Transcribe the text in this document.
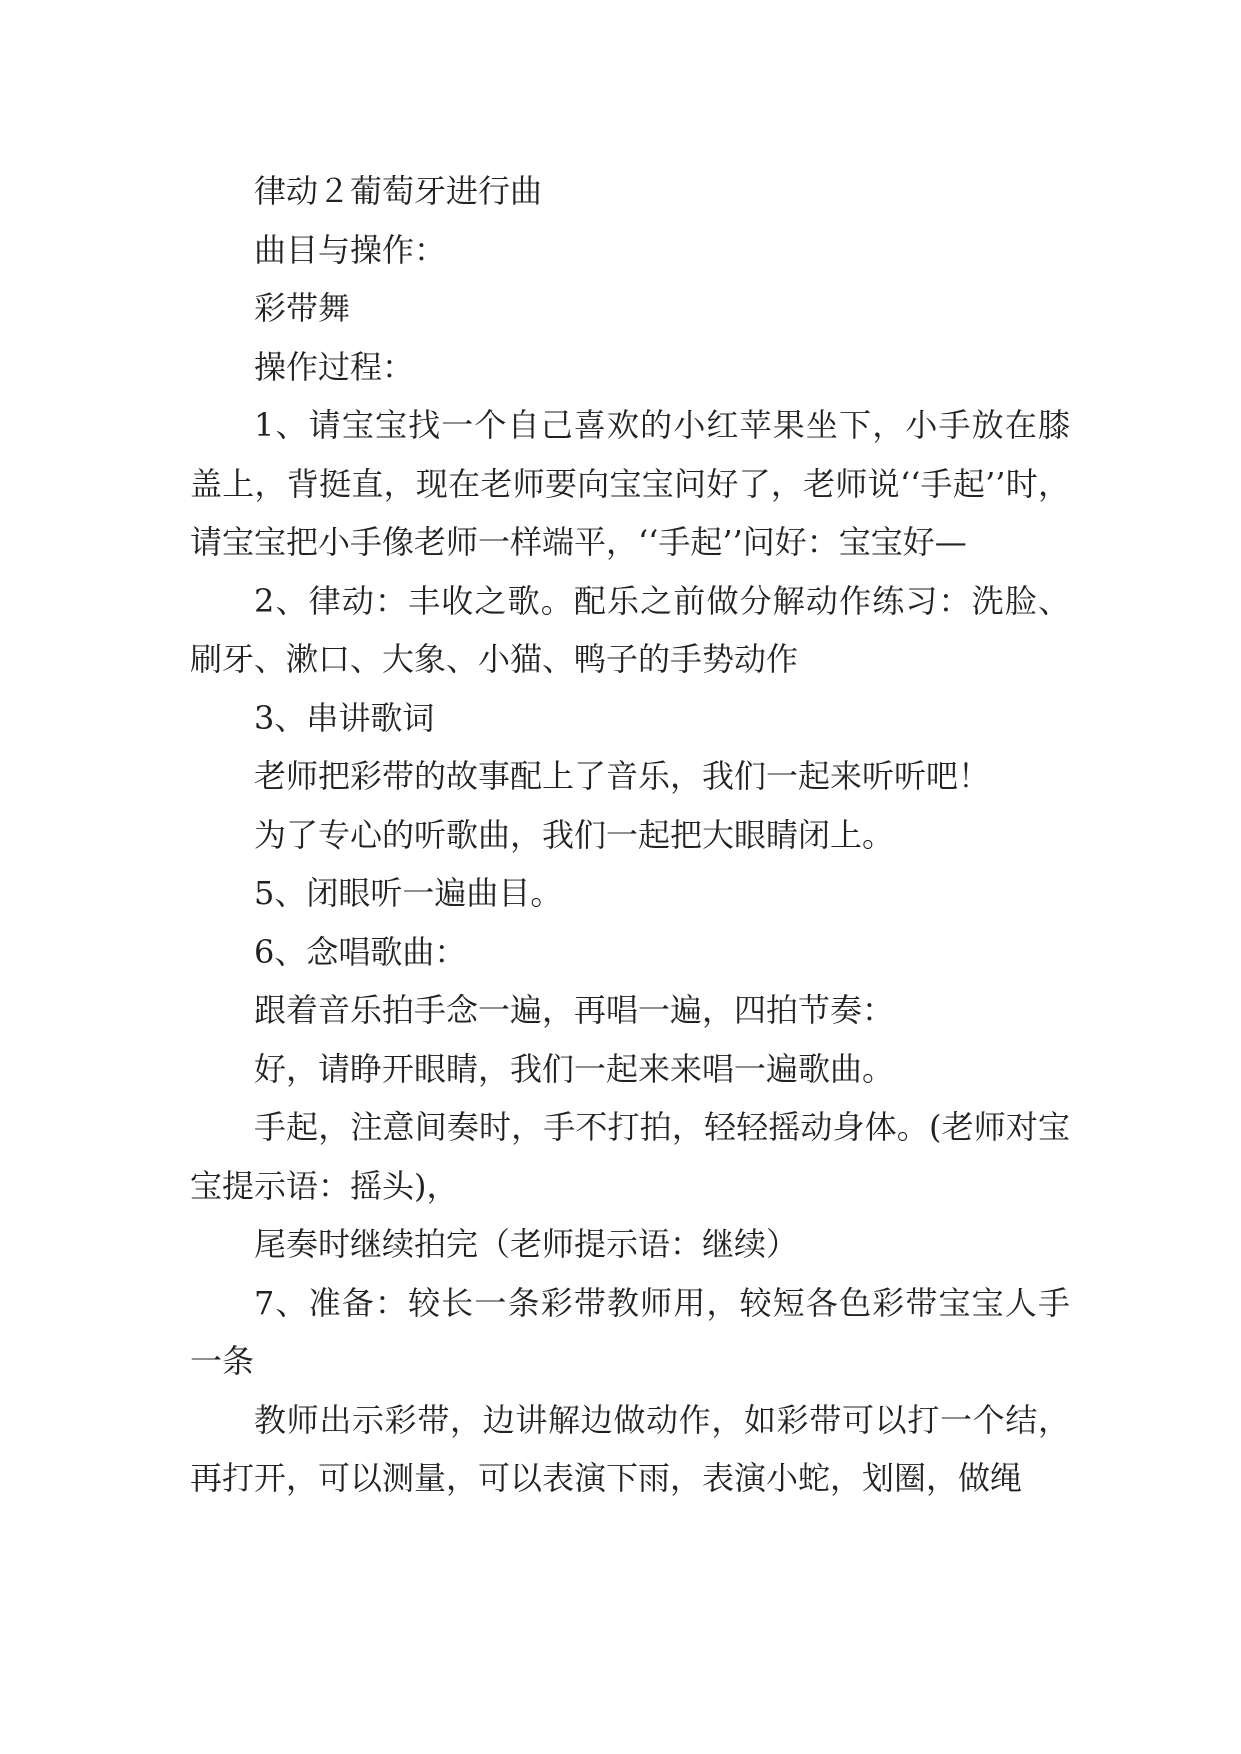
律动２葡萄牙进行曲

曲目与操作：

彩带舞

操作过程：

1、请宝宝找一个自己喜欢的小红苹果坐下，小手放在膝盖上，背挺直，现在老师要向宝宝问好了，老师说‘‘手起’’时，请宝宝把小手像老师一样端平，‘‘手起’’问好：宝宝好—

2、律动：丰收之歌。配乐之前做分解动作练习：洗脸、刷牙、漱口、大象、小猫、鸭子的手势动作

3、串讲歌词

老师把彩带的故事配上了音乐，我们一起来听听吧！

为了专心的听歌曲，我们一起把大眼睛闭上。

5、闭眼听一遍曲目。

6、念唱歌曲：

跟着音乐拍手念一遍，再唱一遍，四拍节奏：

好，请睁开眼睛，我们一起来来唱一遍歌曲。

手起，注意间奏时，手不打拍，轻轻摇动身体。(老师对宝宝提示语：摇头)，

尾奏时继续拍完（老师提示语：继续）

7、准备：较长一条彩带教师用，较短各色彩带宝宝人手一条

教师出示彩带，边讲解边做动作，如彩带可以打一个结，再打开，可以测量，可以表演下雨，表演小蛇，划圈，做绳
